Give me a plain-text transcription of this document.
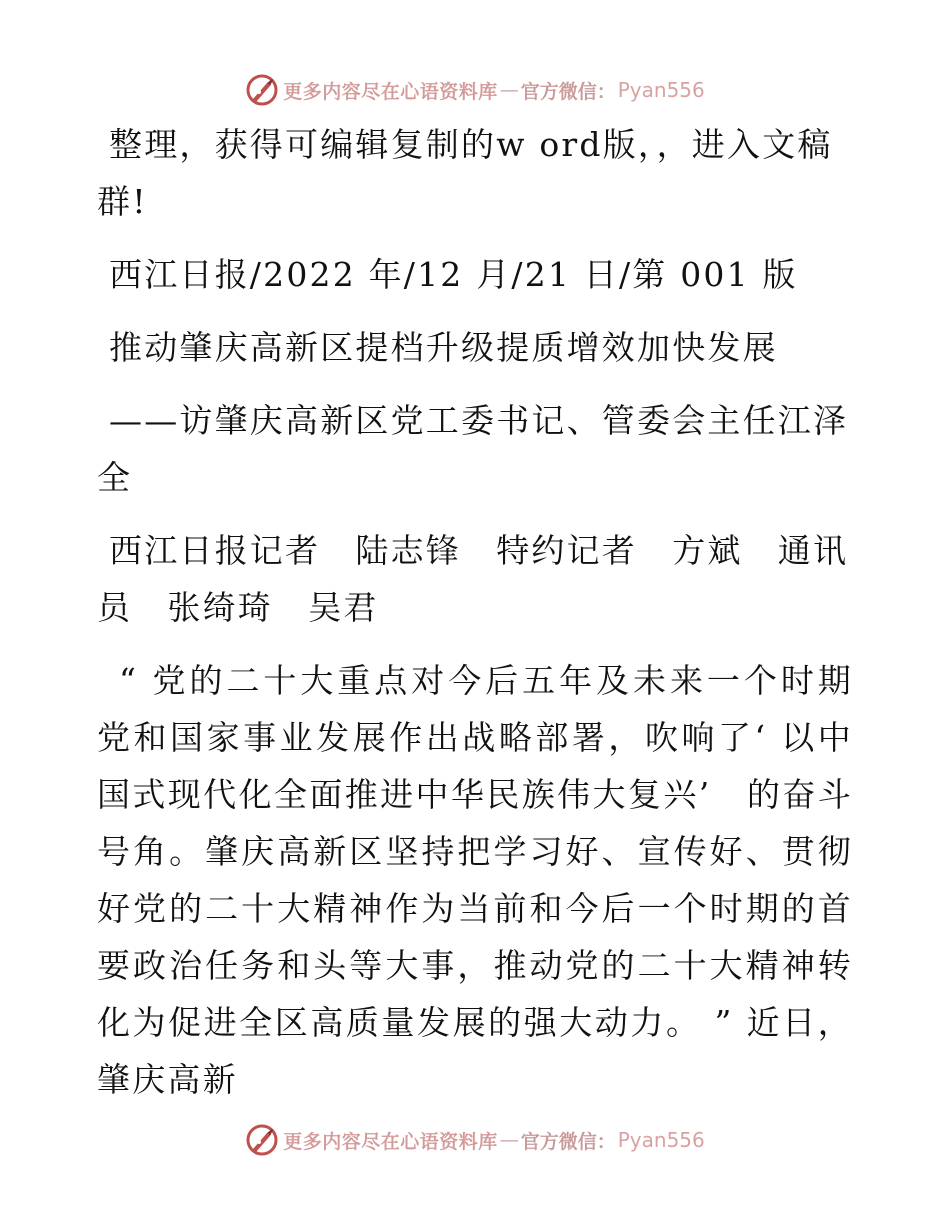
更多内容尽在心语资料库 — 官方微信： Pyan556

整理，获得可编辑复制的w ord版，，进入文稿群!

西江日报/2022 年/12 月/21 日/第 001 版

推动肇庆高新区提档升级提质增效加快发展

——访肇庆高新区党工委书记、管委会主任江泽全

西江日报记者　陆志锋　特约记者　方斌　通讯员　张绮琦　吴君

“ 党的二十大重点对今后五年及未来一个时期党和国家事业发展作出战略部署，吹响了‘ 以中国式现代化全面推进中华民族伟大复兴’　的奋斗号角。肇庆高新区坚持把学习好、宣传好、贯彻好党的二十大精神作为当前和今后一个时期的首要政治任务和头等大事，推动党的二十大精神转化为促进全区高质量发展的强大动力。 ” 近日，肇庆高新

更多内容尽在心语资料库 — 官方微信： Pyan556
